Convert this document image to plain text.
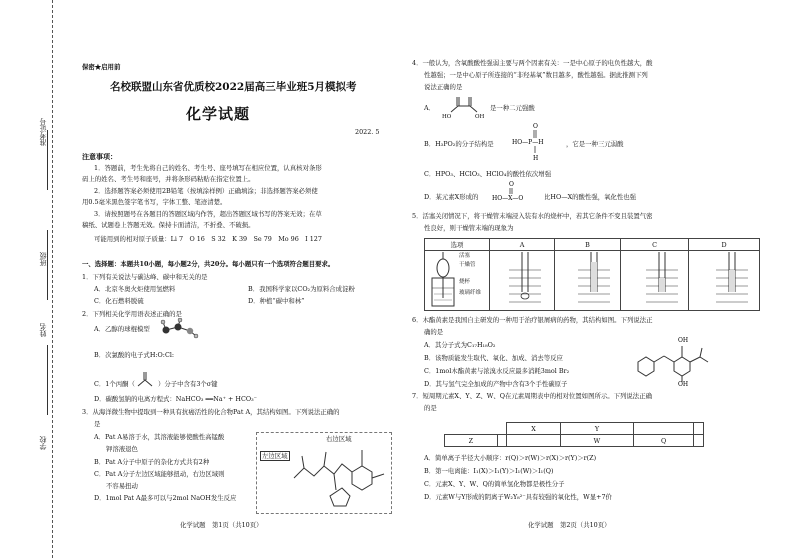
准考证号
姓名
班级
学校
保密★启用前
名校联盟山东省优质校2022届高三毕业班5月模拟考
化学试题
2022. 5
注意事项：
1．答题前，考生先将自己的姓名、考生号、座号填写在相应位置，认真核对条形
码上的姓名、考生号和座号，并将条形码粘贴在指定位置上。
2．选择题答案必须使用2B铅笔（按填涂样例）正确填涂；非选择题答案必须使
用0.5毫米黑色签字笔书写，字体工整、笔迹清楚。
3．请按照题号在各题目的答题区域内作答，超出答题区域书写的答案无效；在草
稿纸、试题卷上答题无效。保持卡面清洁，不折叠、不破损。
可能用到的相对原子质量：Li 7　O 16　S 32　K 39　Se 79　Mo 96　I 127
一、选择题：本题共10小题，每小题2分，共20分。每小题只有一个选项符合题目要求。
1．下列有关说法与碳达峰、碳中和无关的是
A．北京冬奥火炬使用氢燃料	B．我国科学家以CO₂为原料合成淀粉
C．化石燃料脱硫	D．种植“碳中和林”
2．下列相关化学用语表述正确的是
A．乙醇的球棍模型
B．次氯酸的电子式H:O:Cl:
C．1个丙酮（	）分子中含有3个σ键
D．碳酸氢钠的电离方程式：NaHCO₃ ══Na⁺ + HCO₃⁻
3．从海洋微生物中提取到一种具有抗癌活性的化合物Pat A，其结构如图。下列说法正确的
是
A．Pat A易溶于水，其溶液能够使酸性高锰酸
钾溶液退色
B．Pat A分子中原子的杂化方式共有2种
C．Pat A分子左边区域能够扭动，右边区域则
不容易扭动
D．1mol Pat A最多可以与2mol NaOH发生反应
左边区域
右边区域
化学试题　第1页（共10页）
4．一般认为，含氧酸酸性强弱主要与两个因素有关：一是中心原子的电负性越大，酸
性越强；一是中心原子所连接的“非羟基氧”数目越多，酸性越强。据此推测下列
说法正确的是
A．
HO	OH
是一种二元强酸
B．H₃PO₂的分子结构是	HO—P—H
O
H
，它是一种三元弱酸
C．HPO₃、HClO₃、HClO₄的酸性依次增强
D．某元素X形成的
O
HO—X—O	比HO—X的酸性强，氧化性也强
5．活塞关闭情况下，将干燥管末端浸入装有水的烧杯中，若其它条件不变且装置气密
性良好，则干燥管末端的现象为
选项	A	B	C	D

活塞
干燥管
烧杯
玻璃纤维
6．木酯黄素是我国自主研发的一种用于治疗银屑病的药物，其结构如图。下列说法正
确的是
A．其分子式为C₁₇H₁₈O₂
B．该物质能发生取代、氧化、加成、消去等反应
C．1mol木酯黄素与浓溴水反应最多消耗3mol Br₂
D．其与氢气完全加成的产物中含有3个手性碳原子
OH
OH
7．短周期元素X、Y、Z、W、Q在元素周期表中的相对位置如图所示。下列说法正确
的是
		X	Y		
Z			W	Q	
A．简单离子半径大小顺序：r(Q)＞r(W)＞r(X)＞r(Y)＞r(Z)
B．第一电离能：I₁(X)＞I₁(Y)＞I₁(W)＞I₁(Q)
C．元素X、Y、W、Q的简单氢化物都是极性分子
D．元素W与Y形成的阴离子W₂Y₈²⁻具有较强的氧化性，W显+7价
化学试题　第2页（共10页）
